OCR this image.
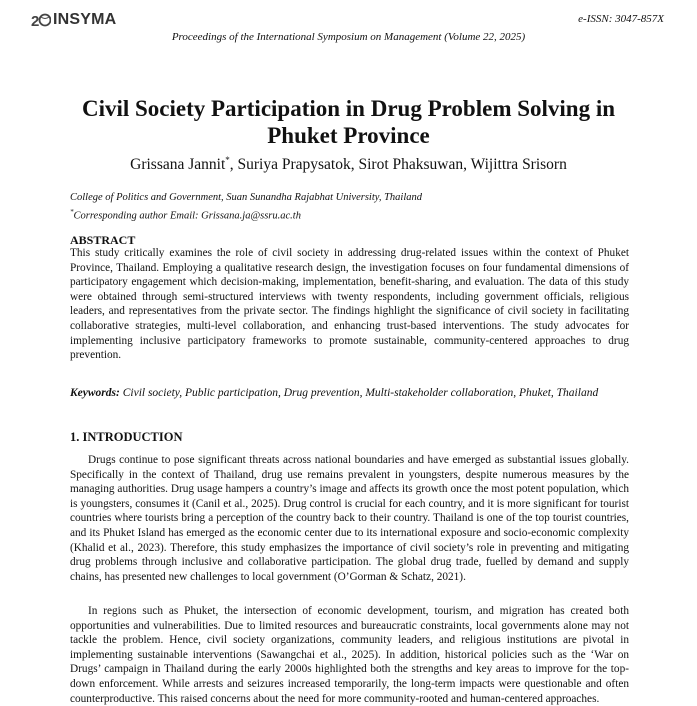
2 INSYMA	e-ISSN: 3047-857X
Proceedings of the International Symposium on Management (Volume 22, 2025)
Civil Society Participation in Drug Problem Solving in Phuket Province
Grissana Jannit*, Suriya Prapysatok, Sirot Phaksuwan, Wijittra Srisorn
College of Politics and Government, Suan Sunandha Rajabhat University, Thailand
*Corresponding author Email: Grissana.ja@ssru.ac.th
ABSTRACT

This study critically examines the role of civil society in addressing drug-related issues within the context of Phuket Province, Thailand. Employing a qualitative research design, the investigation focuses on four fundamental dimensions of participatory engagement which decision-making, implementation, benefit-sharing, and evaluation. The data of this study were obtained through semi-structured interviews with twenty respondents, including government officials, religious leaders, and representatives from the private sector. The findings highlight the significance of civil society in facilitating collaborative strategies, multi-level collaboration, and enhancing trust-based interventions. The study advocates for implementing inclusive participatory frameworks to promote sustainable, community-centered approaches to drug prevention.

Keywords: Civil society, Public participation, Drug prevention, Multi-stakeholder collaboration, Phuket, Thailand

1. INTRODUCTION

Drugs continue to pose significant threats across national boundaries and have emerged as substantial issues globally. Specifically in the context of Thailand, drug use remains prevalent in youngsters, despite numerous measures by the managing authorities. Drug usage hampers a country’s image and affects its growth once the most potent population, which is youngsters, consumes it (Canil et al., 2025). Drug control is crucial for each country, and it is more significant for tourist countries where tourists bring a perception of the country back to their country. Thailand is one of the top tourist countries, and its Phuket Island has emerged as the economic center due to its international exposure and socio-economic complexity (Khalid et al., 2023). Therefore, this study emphasizes the importance of civil society’s role in preventing and mitigating drug problems through inclusive and collaborative participation. The global drug trade, fuelled by demand and supply chains, has presented new challenges to local government (O’Gorman & Schatz, 2021).

In regions such as Phuket, the intersection of economic development, tourism, and migration has created both opportunities and vulnerabilities. Due to limited resources and bureaucratic constraints, local governments alone may not tackle the problem. Hence, civil society organizations, community leaders, and religious institutions are pivotal in implementing sustainable interventions (Sawangchai et al., 2025). In addition, historical policies such as the ‘War on Drugs’ campaign in Thailand during the early 2000s highlighted both the strengths and key areas to improve for the top-down enforcement. While arrests and seizures increased temporarily, the long-term impacts were questionable and often counterproductive. This raised concerns about the need for more community-rooted and human-centered approaches.
